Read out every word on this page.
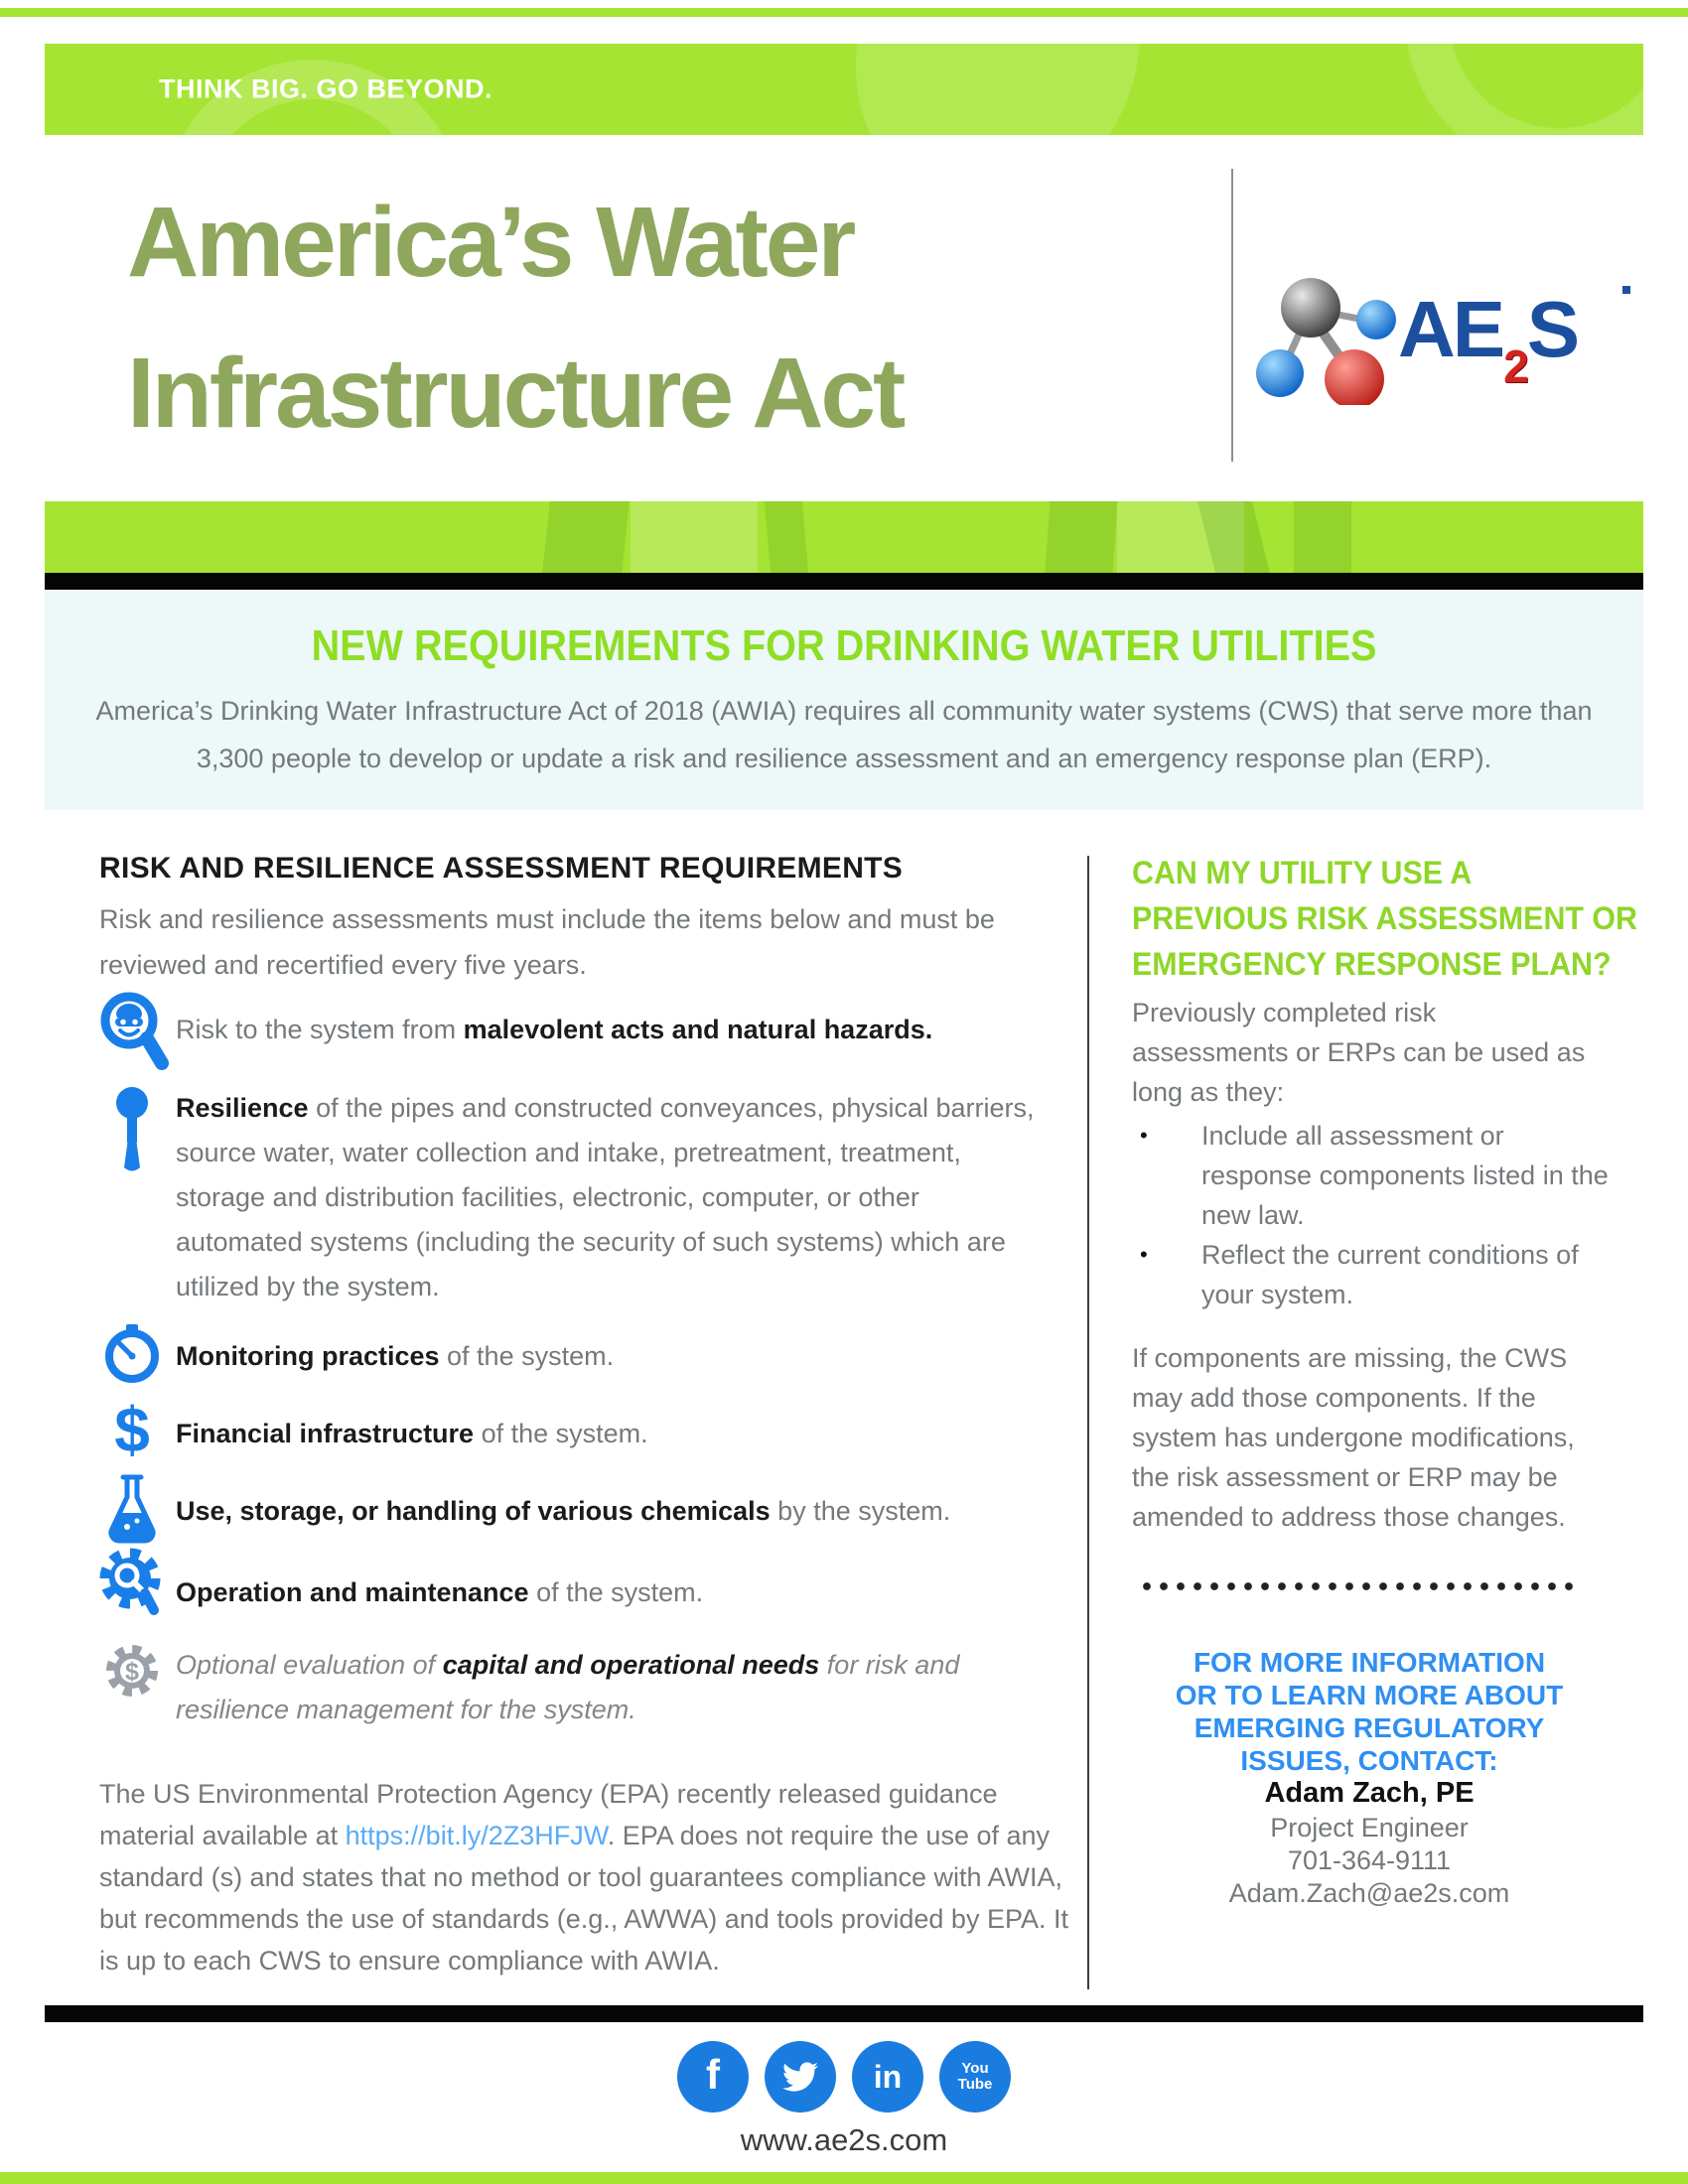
THINK BIG. GO BEYOND.
America’s Water
Infrastructure Act
AE2S
NEW REQUIREMENTS FOR DRINKING WATER UTILITIES
America’s Drinking Water Infrastructure Act of 2018 (AWIA) requires all community water systems (CWS) that serve more than 3,300 people to develop or update a risk and resilience assessment and an emergency response plan (ERP).
RISK AND RESILIENCE ASSESSMENT REQUIREMENTS
Risk and resilience assessments must include the items below and must be reviewed and recertified every five years.
Risk to the system from malevolent acts and natural hazards.
Resilience of the pipes and constructed conveyances, physical barriers, source water, water collection and intake, pretreatment, treatment, storage and distribution facilities, electronic, computer, or other automated systems (including the security of such systems) which are utilized by the system.
Monitoring practices of the system.
$ Financial infrastructure of the system.
Use, storage, or handling of various chemicals by the system.
Operation and maintenance of the system.
$ Optional evaluation of capital and operational needs for risk and resilience management for the system.
The US Environmental Protection Agency (EPA) recently released guidance material available at https://bit.ly/2Z3HFJW. EPA does not require the use of any standard (s) and states that no method or tool guarantees compliance with AWIA, but recommends the use of standards (e.g., AWWA) and tools provided by EPA. It is up to each CWS to ensure compliance with AWIA.
CAN MY UTILITY USE A
PREVIOUS RISK ASSESSMENT OR
EMERGENCY RESPONSE PLAN?
Previously completed risk assessments or ERPs can be used as long as they:
• Include all assessment or response components listed in the new law.
• Reflect the current conditions of your system.
If components are missing, the CWS may add those components. If the system has undergone modifications, the risk assessment or ERP may be amended to address those changes.
FOR MORE INFORMATION
OR TO LEARN MORE ABOUT
EMERGING REGULATORY
ISSUES, CONTACT:
Adam Zach, PE
Project Engineer
701-364-9111
Adam.Zach@ae2s.com
f	in	You
Tube
www.ae2s.com
